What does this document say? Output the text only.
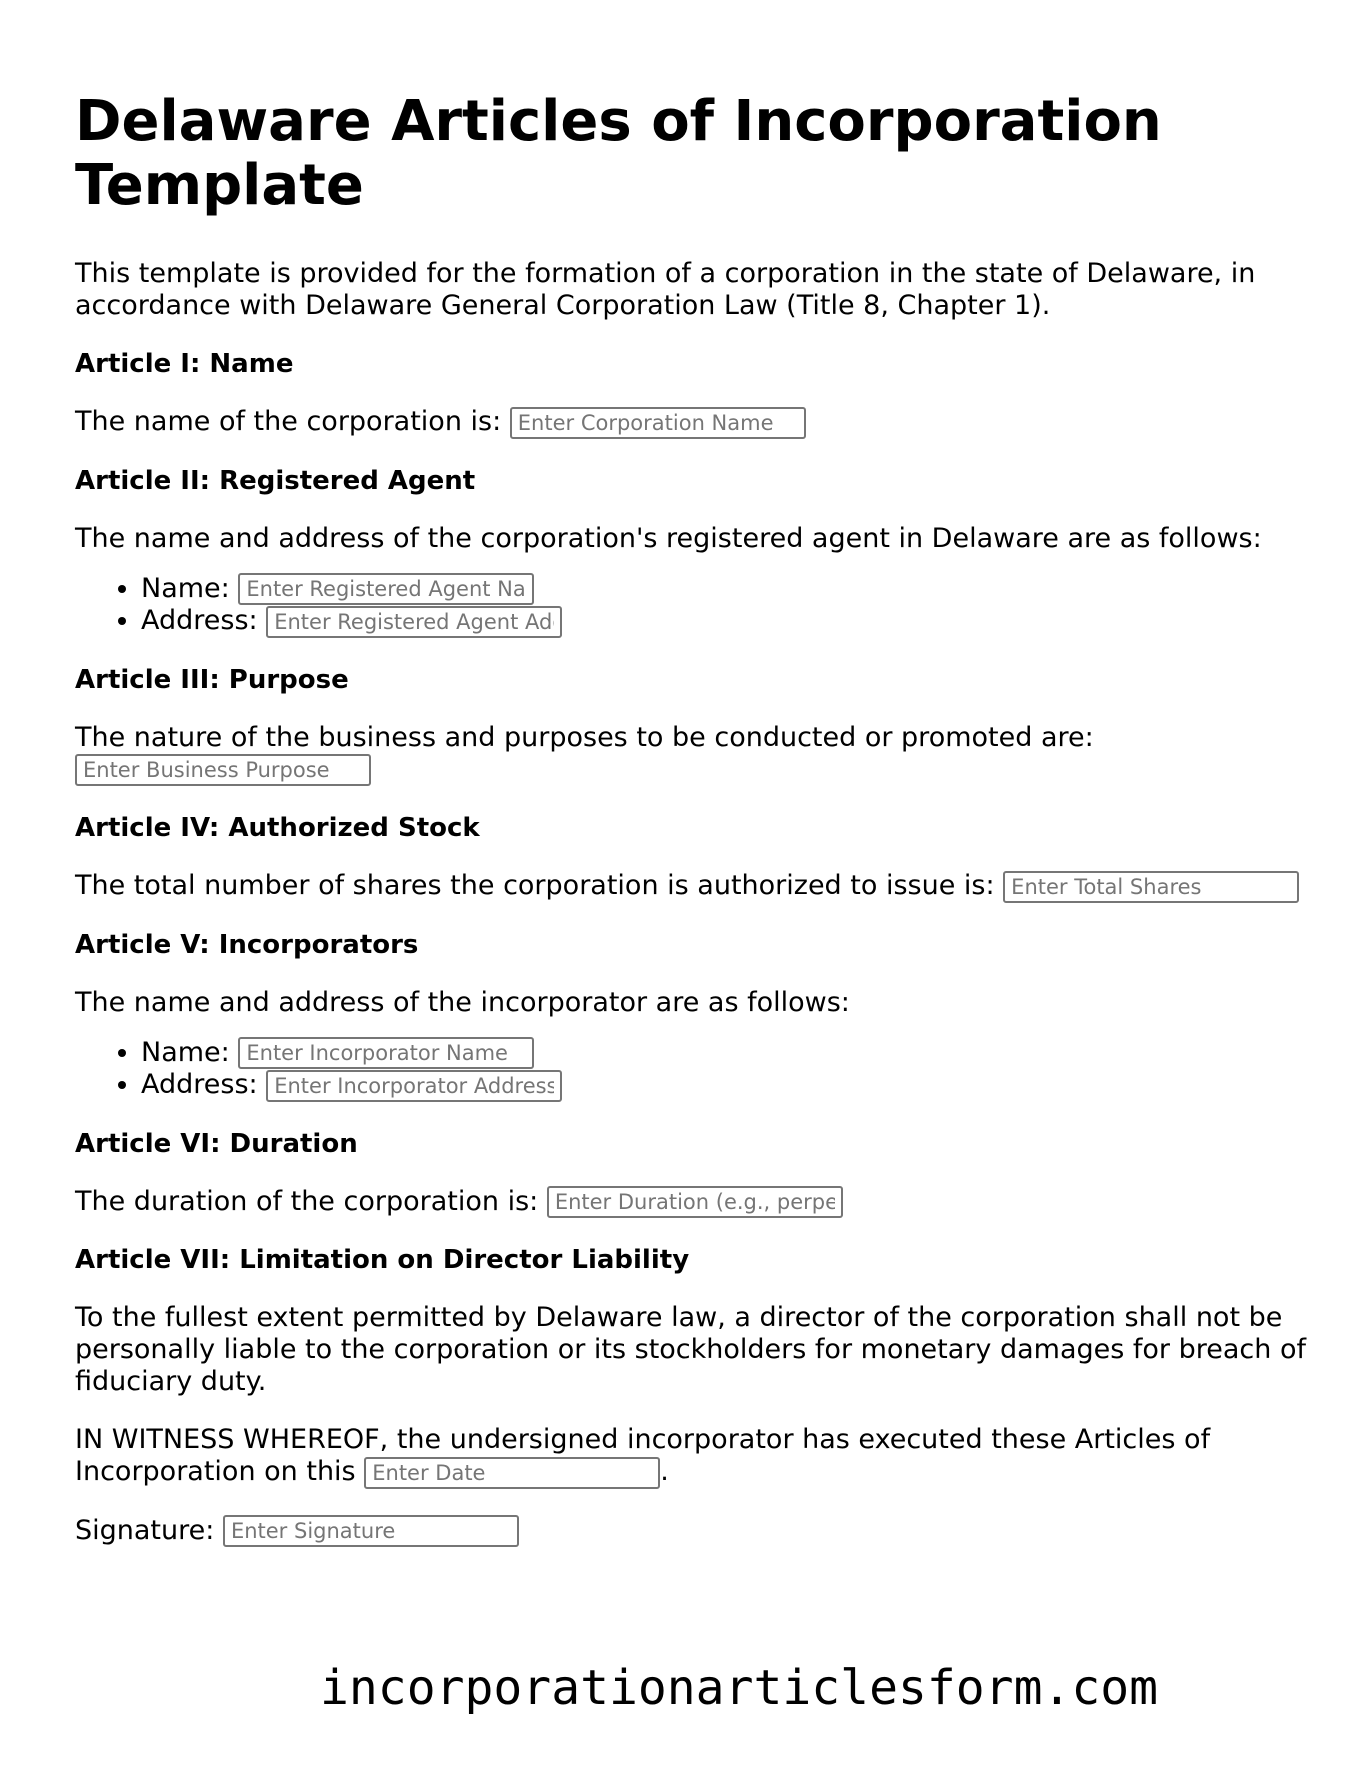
Delaware Articles of Incorporation Template

This template is provided for the formation of a corporation in the state of Delaware, in accordance with Delaware General Corporation Law (Title 8, Chapter 1).

Article I: Name

The name of the corporation is: Enter Corporation Name

Article II: Registered Agent

The name and address of the corporation's registered agent in Delaware are as follows:

• Name: Enter Registered Agent Name
• Address: Enter Registered Agent Address
Article III: Purpose

The nature of the business and purposes to be conducted or promoted are: Enter Business Purpose

Article IV: Authorized Stock

The total number of shares the corporation is authorized to issue is: Enter Total Shares

Article V: Incorporators

The name and address of the incorporator are as follows:

• Name: Enter Incorporator Name
• Address: Enter Incorporator Address
Article VI: Duration

The duration of the corporation is: Enter Duration (e.g., perpetual)

Article VII: Limitation on Director Liability

To the fullest extent permitted by Delaware law, a director of the corporation shall not be personally liable to the corporation or its stockholders for monetary damages for breach of fiduciary duty.

IN WITNESS WHEREOF, the undersigned incorporator has executed these Articles of Incorporation on this Enter Date	.

Signature: Enter Signature

incorporationarticlesform.com
